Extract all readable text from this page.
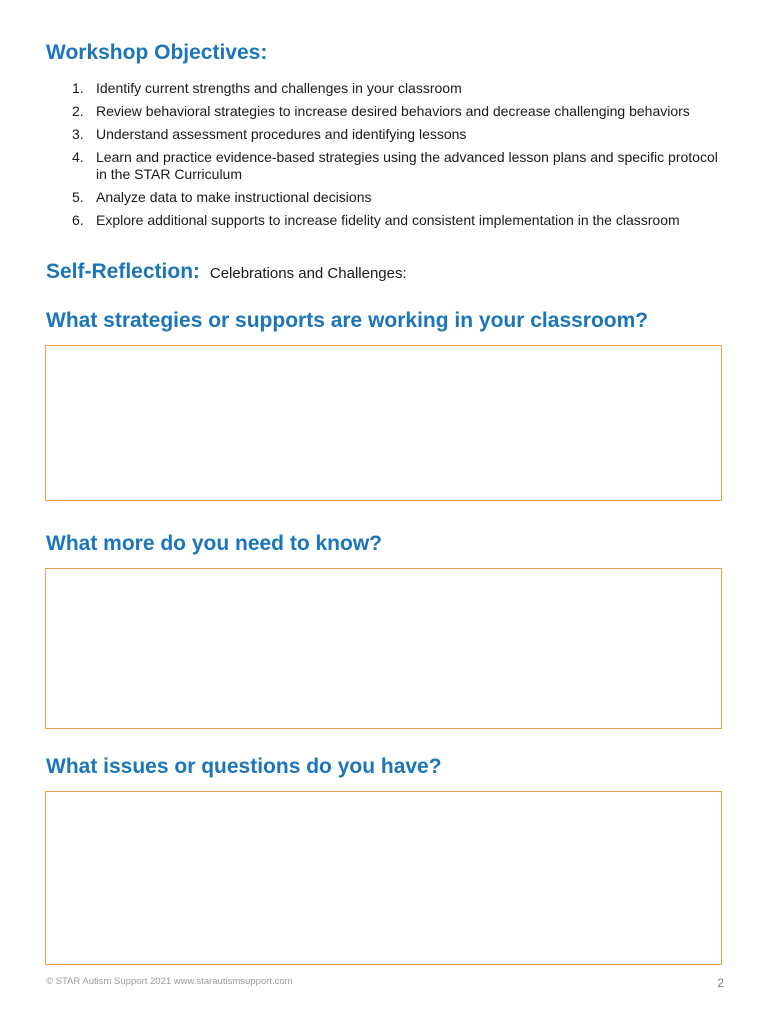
Workshop Objectives:
1. Identify current strengths and challenges in your classroom
2. Review behavioral strategies to increase desired behaviors and decrease challenging behaviors
3. Understand assessment procedures and identifying lessons
4. Learn and practice evidence-based strategies using the advanced lesson plans and specific protocol in the STAR Curriculum
5. Analyze data to make instructional decisions
6. Explore additional supports to increase fidelity and consistent implementation in the classroom
Self-Reflection: Celebrations and Challenges:
What strategies or supports are working in your classroom?
What more do you need to know?
What issues or questions do you have?
© STAR Autism Support 2021 www.starautismsupport.com	2
